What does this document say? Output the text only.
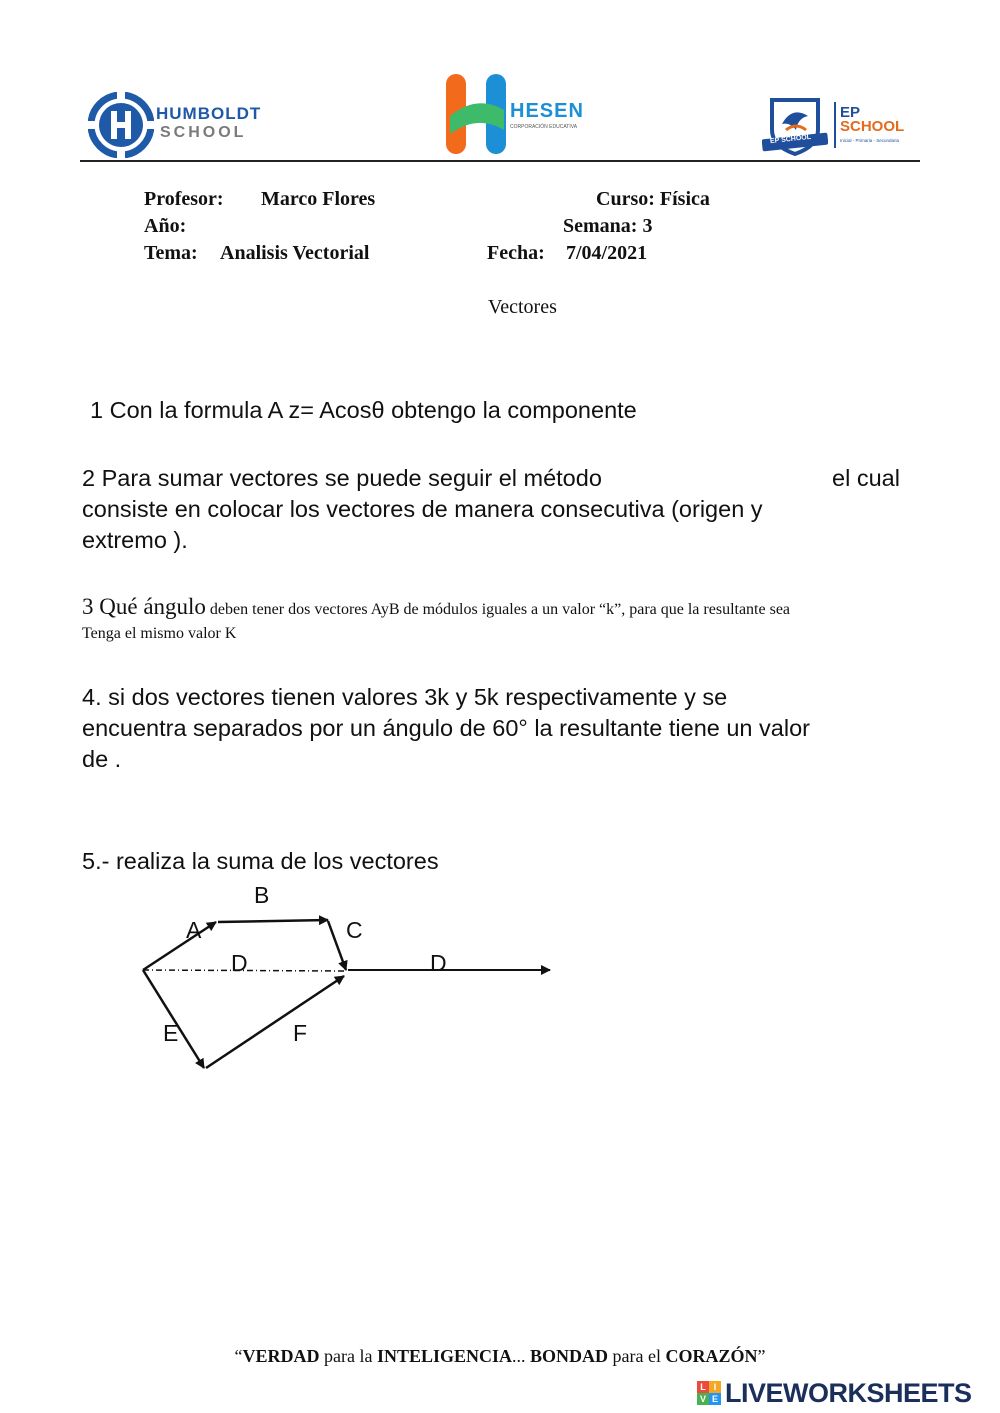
HUMBOLDT
SCHOOL
HESEN
CORPORACIÓN EDUCATIVA
EP SCHOOL
EP
SCHOOL
Inicial - Primaria - Secundaria
Profesor: Marco Flores	Curso: Física
Año:	Semana: 3
Tema: Analisis Vectorial	Fecha: 7/04/2021
Vectores
1 Con la formula A z= Acosθ obtengo la componente
2 Para sumar vectores se puede seguir el método	el cual
consiste en colocar los vectores de manera consecutiva (origen y
extremo ).
3 Qué ángulo deben tener dos vectores AyB de módulos iguales a un valor “k”, para que la resultante sea
Tenga el mismo valor K
4. si dos vectores tienen valores 3k y 5k respectivamente y se
encuentra separados por un ángulo de 60° la resultante tiene un valor
de .
5.- realiza la suma de los vectores
B
A	C
D	D
E	F
“VERDAD para la INTELIGENCIA... BONDAD para el CORAZÓN”
L I
V E LIVEWORKSHEETS
